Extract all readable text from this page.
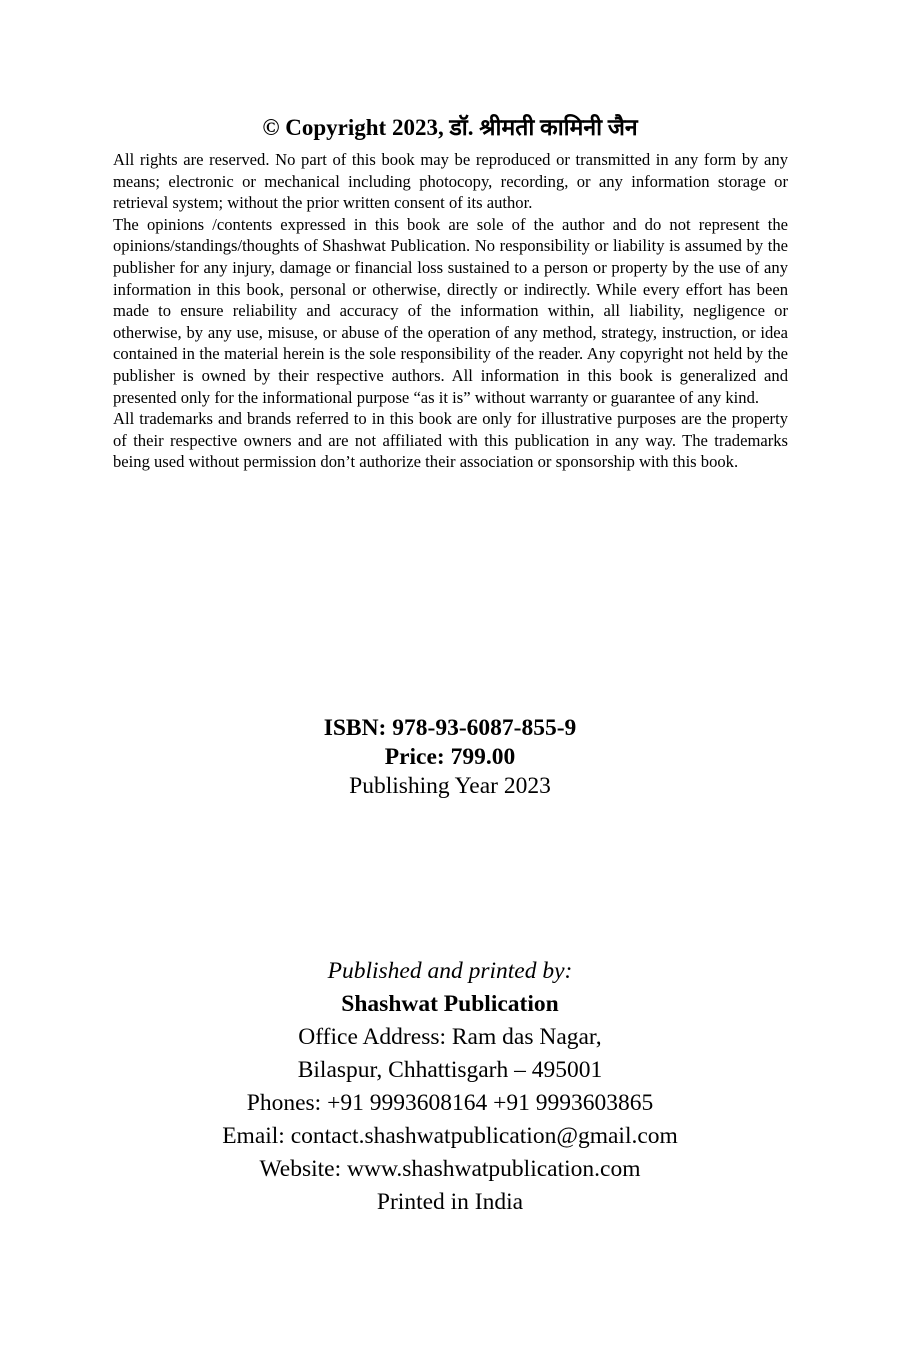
© Copyright 2023, डॉ. श्रीमती कामिनी जैन

All rights are reserved. No part of this book may be reproduced or transmitted in any form by any means; electronic or mechanical including photocopy, recording, or any information storage or retrieval system; without the prior written consent of its author.

The opinions /contents expressed in this book are sole of the author and do not represent the opinions/standings/thoughts of Shashwat Publication. No responsibility or liability is assumed by the publisher for any injury, damage or financial loss sustained to a person or property by the use of any information in this book, personal or otherwise, directly or indirectly. While every effort has been made to ensure reliability and accuracy of the information within, all liability, negligence or otherwise, by any use, misuse, or abuse of the operation of any method, strategy, instruction, or idea contained in the material herein is the sole responsibility of the reader. Any copyright not held by the publisher is owned by their respective authors. All information in this book is generalized and presented only for the informational purpose “as it is” without warranty or guarantee of any kind.

All trademarks and brands referred to in this book are only for illustrative purposes are the property of their respective owners and are not affiliated with this publication in any way. The trademarks being used without permission don’t authorize their association or sponsorship with this book.

ISBN: 978-93-6087-855-9
Price: 799.00
Publishing Year 2023
Published and printed by:
Shashwat Publication
Office Address: Ram das Nagar,
Bilaspur, Chhattisgarh – 495001
Phones: +91 9993608164 +91 9993603865
Email: contact.shashwatpublication@gmail.com
Website: www.shashwatpublication.com
Printed in India
